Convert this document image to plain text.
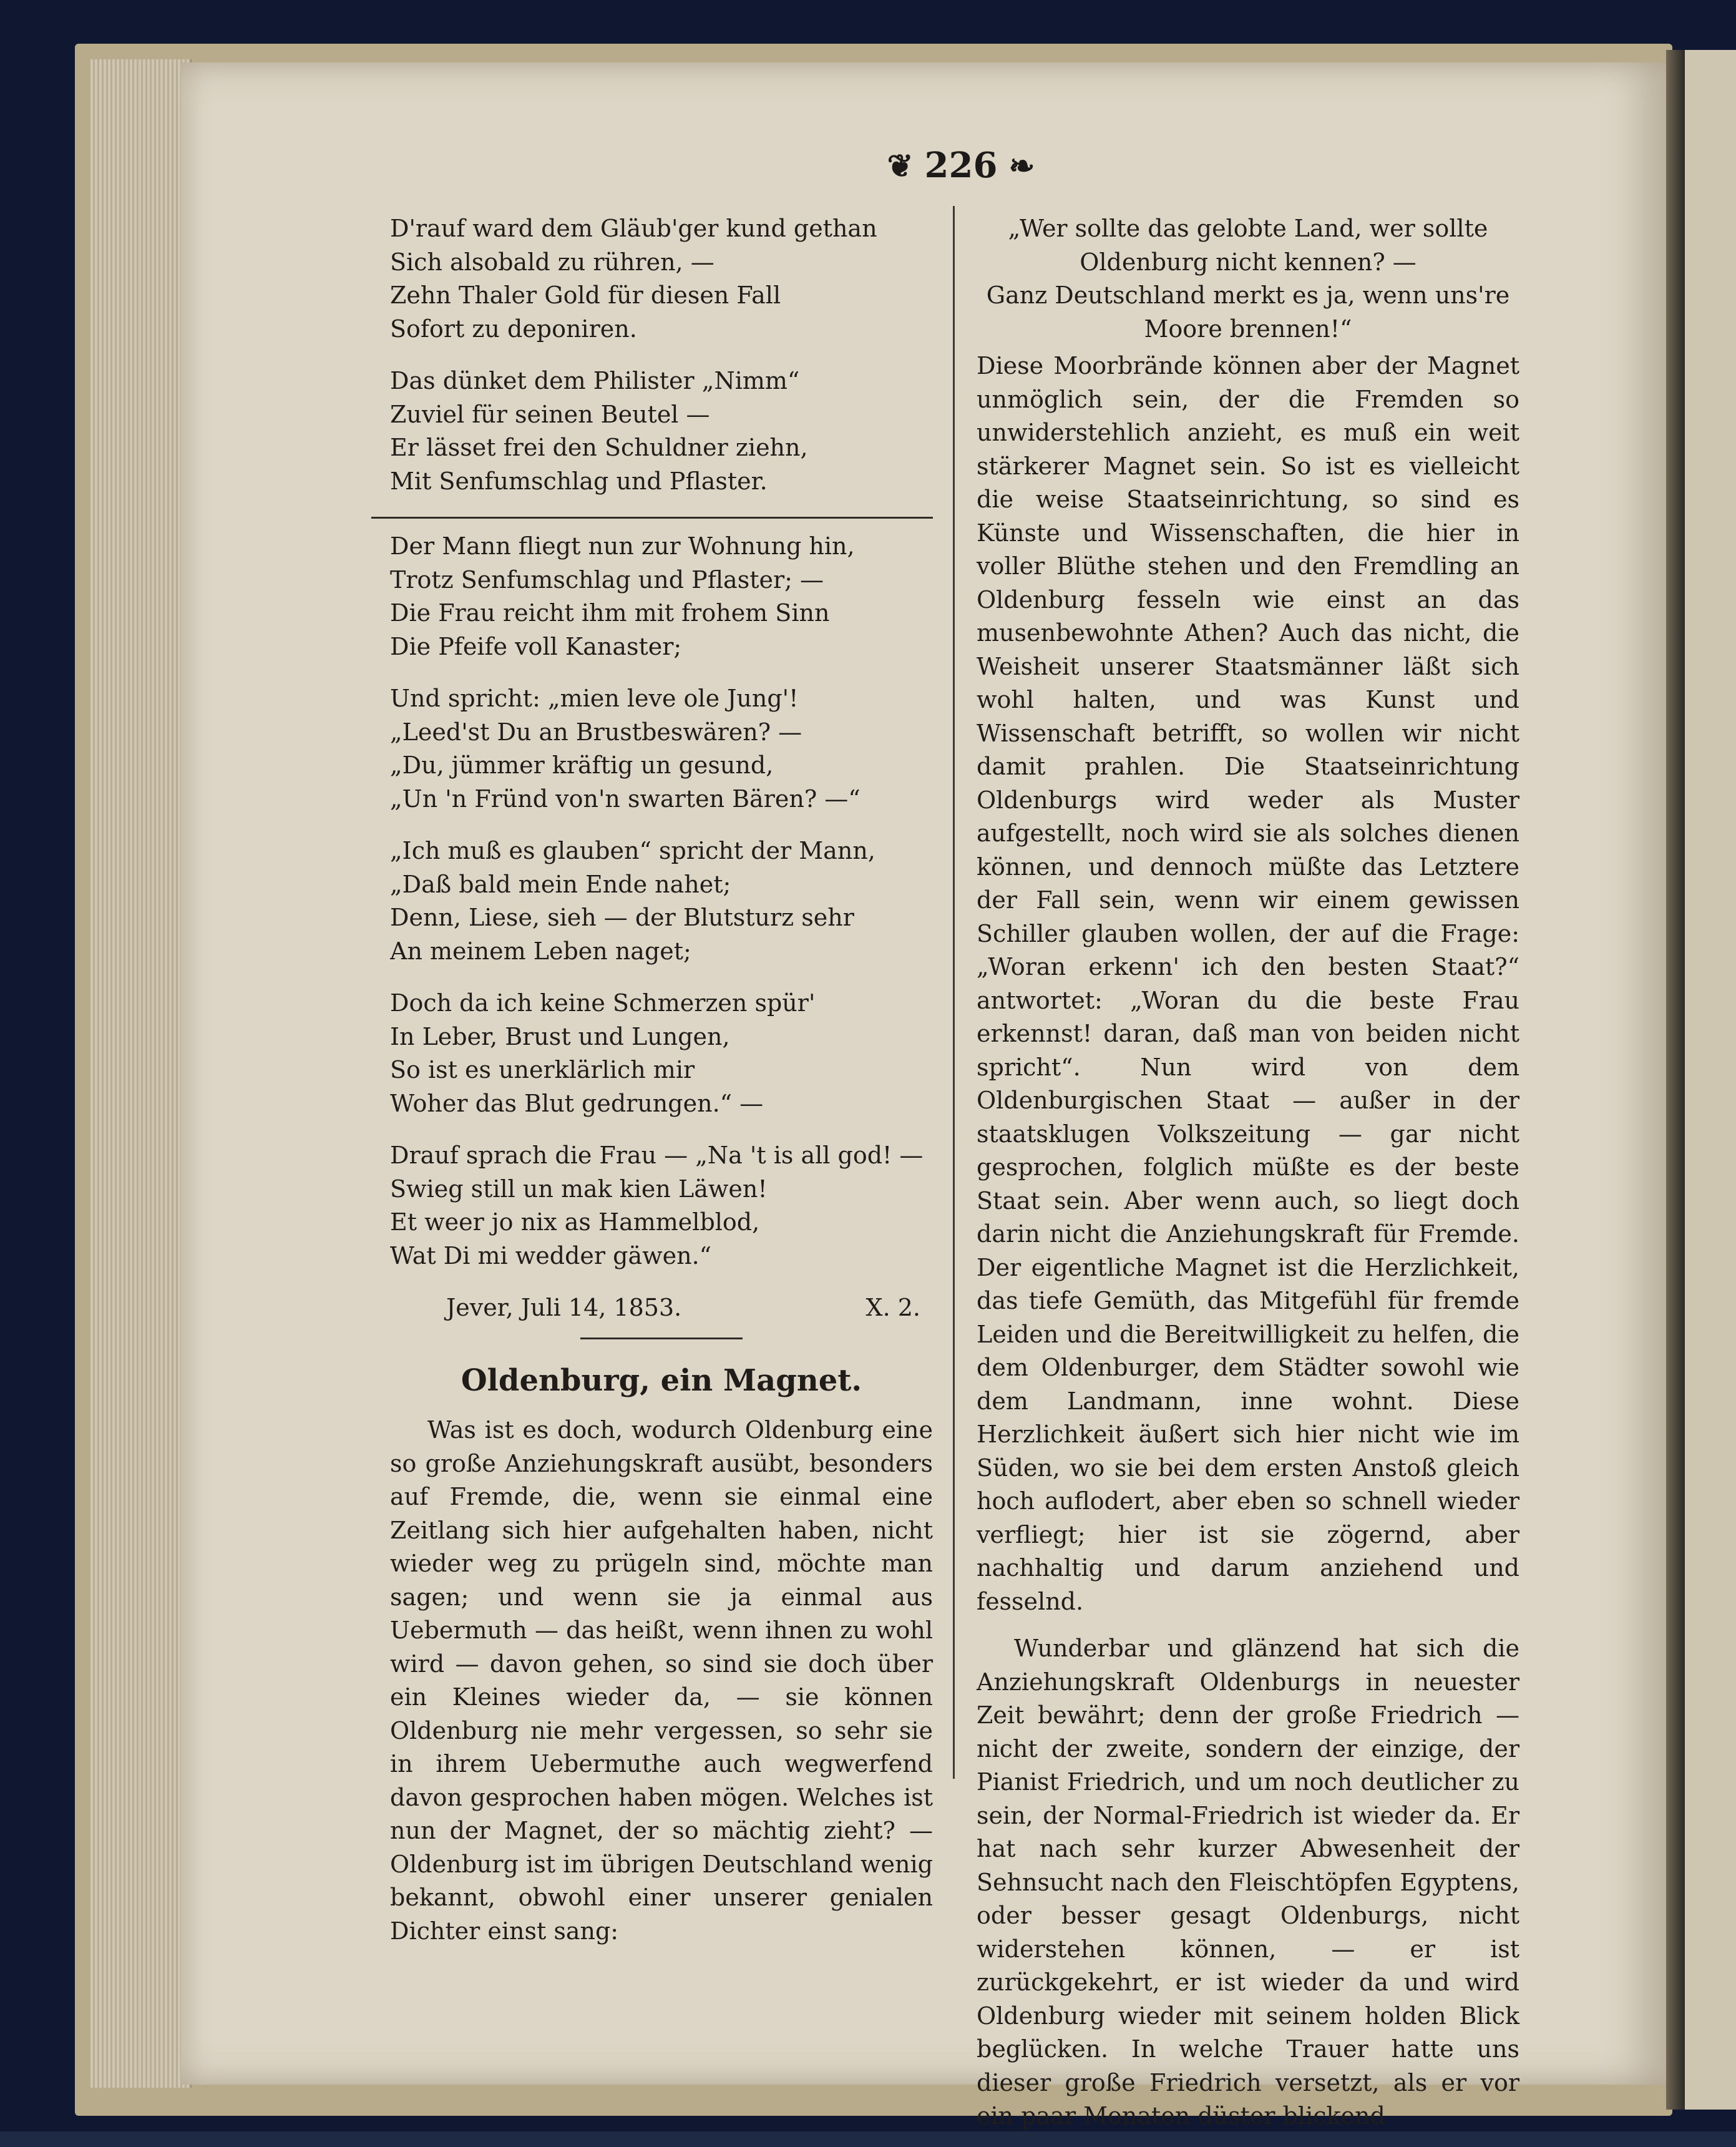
❦ 226 ❧
D'rauf ward dem Gläub'ger kund gethan
Sich alsobald zu rühren, —
Zehn Thaler Gold für diesen Fall
Sofort zu deponiren.
Das dünket dem Philister „Nimm“
Zuviel für seinen Beutel —
Er lässet frei den Schuldner ziehn,
Mit Senfumschlag und Pflaster.
Der Mann fliegt nun zur Wohnung hin,
Trotz Senfumschlag und Pflaster; —
Die Frau reicht ihm mit frohem Sinn
Die Pfeife voll Kanaster;
Und spricht: „mien leve ole Jung'!
„Leed'st Du an Brustbeswären? —
„Du, jümmer kräftig un gesund,
„Un 'n Fründ von'n swarten Bären? —“
„Ich muß es glauben“ spricht der Mann,
„Daß bald mein Ende nahet;
Denn, Liese, sieh — der Blutsturz sehr
An meinem Leben naget;
Doch da ich keine Schmerzen spür'
In Leber, Brust und Lungen,
So ist es unerklärlich mir
Woher das Blut gedrungen.“ —
Drauf sprach die Frau — „Na 't is all god! —
Swieg still un mak kien Läwen!
Et weer jo nix as Hammelblod,
Wat Di mi wedder gäwen.“
Jever, Juli 14, 1853.	X. 2.
Oldenburg, ein Magnet.
Was ist es doch, wodurch Oldenburg eine so große Anziehungskraft ausübt, besonders auf Fremde, die, wenn sie einmal eine Zeitlang sich hier aufgehalten haben, nicht wieder weg zu prügeln sind, möchte man sagen; und wenn sie ja einmal aus Uebermuth — das heißt, wenn ihnen zu wohl wird — davon gehen, so sind sie doch über ein Kleines wieder da, — sie können Oldenburg nie mehr vergessen, so sehr sie in ihrem Uebermuthe auch wegwerfend davon gesprochen haben mögen. Welches ist nun der Magnet, der so mächtig zieht? — Oldenburg ist im übrigen Deutschland wenig bekannt, obwohl einer unserer genialen Dichter einst sang:
„Wer sollte das gelobte Land, wer sollte Oldenburg nicht kennen? —
Ganz Deutschland merkt es ja, wenn uns're Moore brennen!“
Diese Moorbrände können aber der Magnet unmöglich sein, der die Fremden so unwiderstehlich anzieht, es muß ein weit stärkerer Magnet sein. So ist es vielleicht die weise Staatseinrichtung, so sind es Künste und Wissenschaften, die hier in voller Blüthe stehen und den Fremdling an Oldenburg fesseln wie einst an das musenbewohnte Athen? Auch das nicht, die Weisheit unserer Staatsmänner läßt sich wohl halten, und was Kunst und Wissenschaft betrifft, so wollen wir nicht damit prahlen. Die Staatseinrichtung Oldenburgs wird weder als Muster aufgestellt, noch wird sie als solches dienen können, und dennoch müßte das Letztere der Fall sein, wenn wir einem gewissen Schiller glauben wollen, der auf die Frage: „Woran erkenn' ich den besten Staat?“ antwortet: „Woran du die beste Frau erkennst! daran, daß man von beiden nicht spricht“. Nun wird von dem Oldenburgischen Staat — außer in der staatsklugen Volkszeitung — gar nicht gesprochen, folglich müßte es der beste Staat sein. Aber wenn auch, so liegt doch darin nicht die Anziehungskraft für Fremde. Der eigentliche Magnet ist die Herzlichkeit, das tiefe Gemüth, das Mitgefühl für fremde Leiden und die Bereitwilligkeit zu helfen, die dem Oldenburger, dem Städter sowohl wie dem Landmann, inne wohnt. Diese Herzlichkeit äußert sich hier nicht wie im Süden, wo sie bei dem ersten Anstoß gleich hoch auflodert, aber eben so schnell wieder verfliegt; hier ist sie zögernd, aber nachhaltig und darum anziehend und fesselnd.
Wunderbar und glänzend hat sich die Anziehungskraft Oldenburgs in neuester Zeit bewährt; denn der große Friedrich — nicht der zweite, sondern der einzige, der Pianist Friedrich, und um noch deutlicher zu sein, der Normal-Friedrich ist wieder da. Er hat nach sehr kurzer Abwesenheit der Sehnsucht nach den Fleischtöpfen Egyptens, oder besser gesagt Oldenburgs, nicht widerstehen können, — er ist zurückgekehrt, er ist wieder da und wird Oldenburg wieder mit seinem holden Blick beglücken. In welche Trauer hatte uns dieser große Friedrich versetzt, als er vor ein paar Monaten düster blickend
